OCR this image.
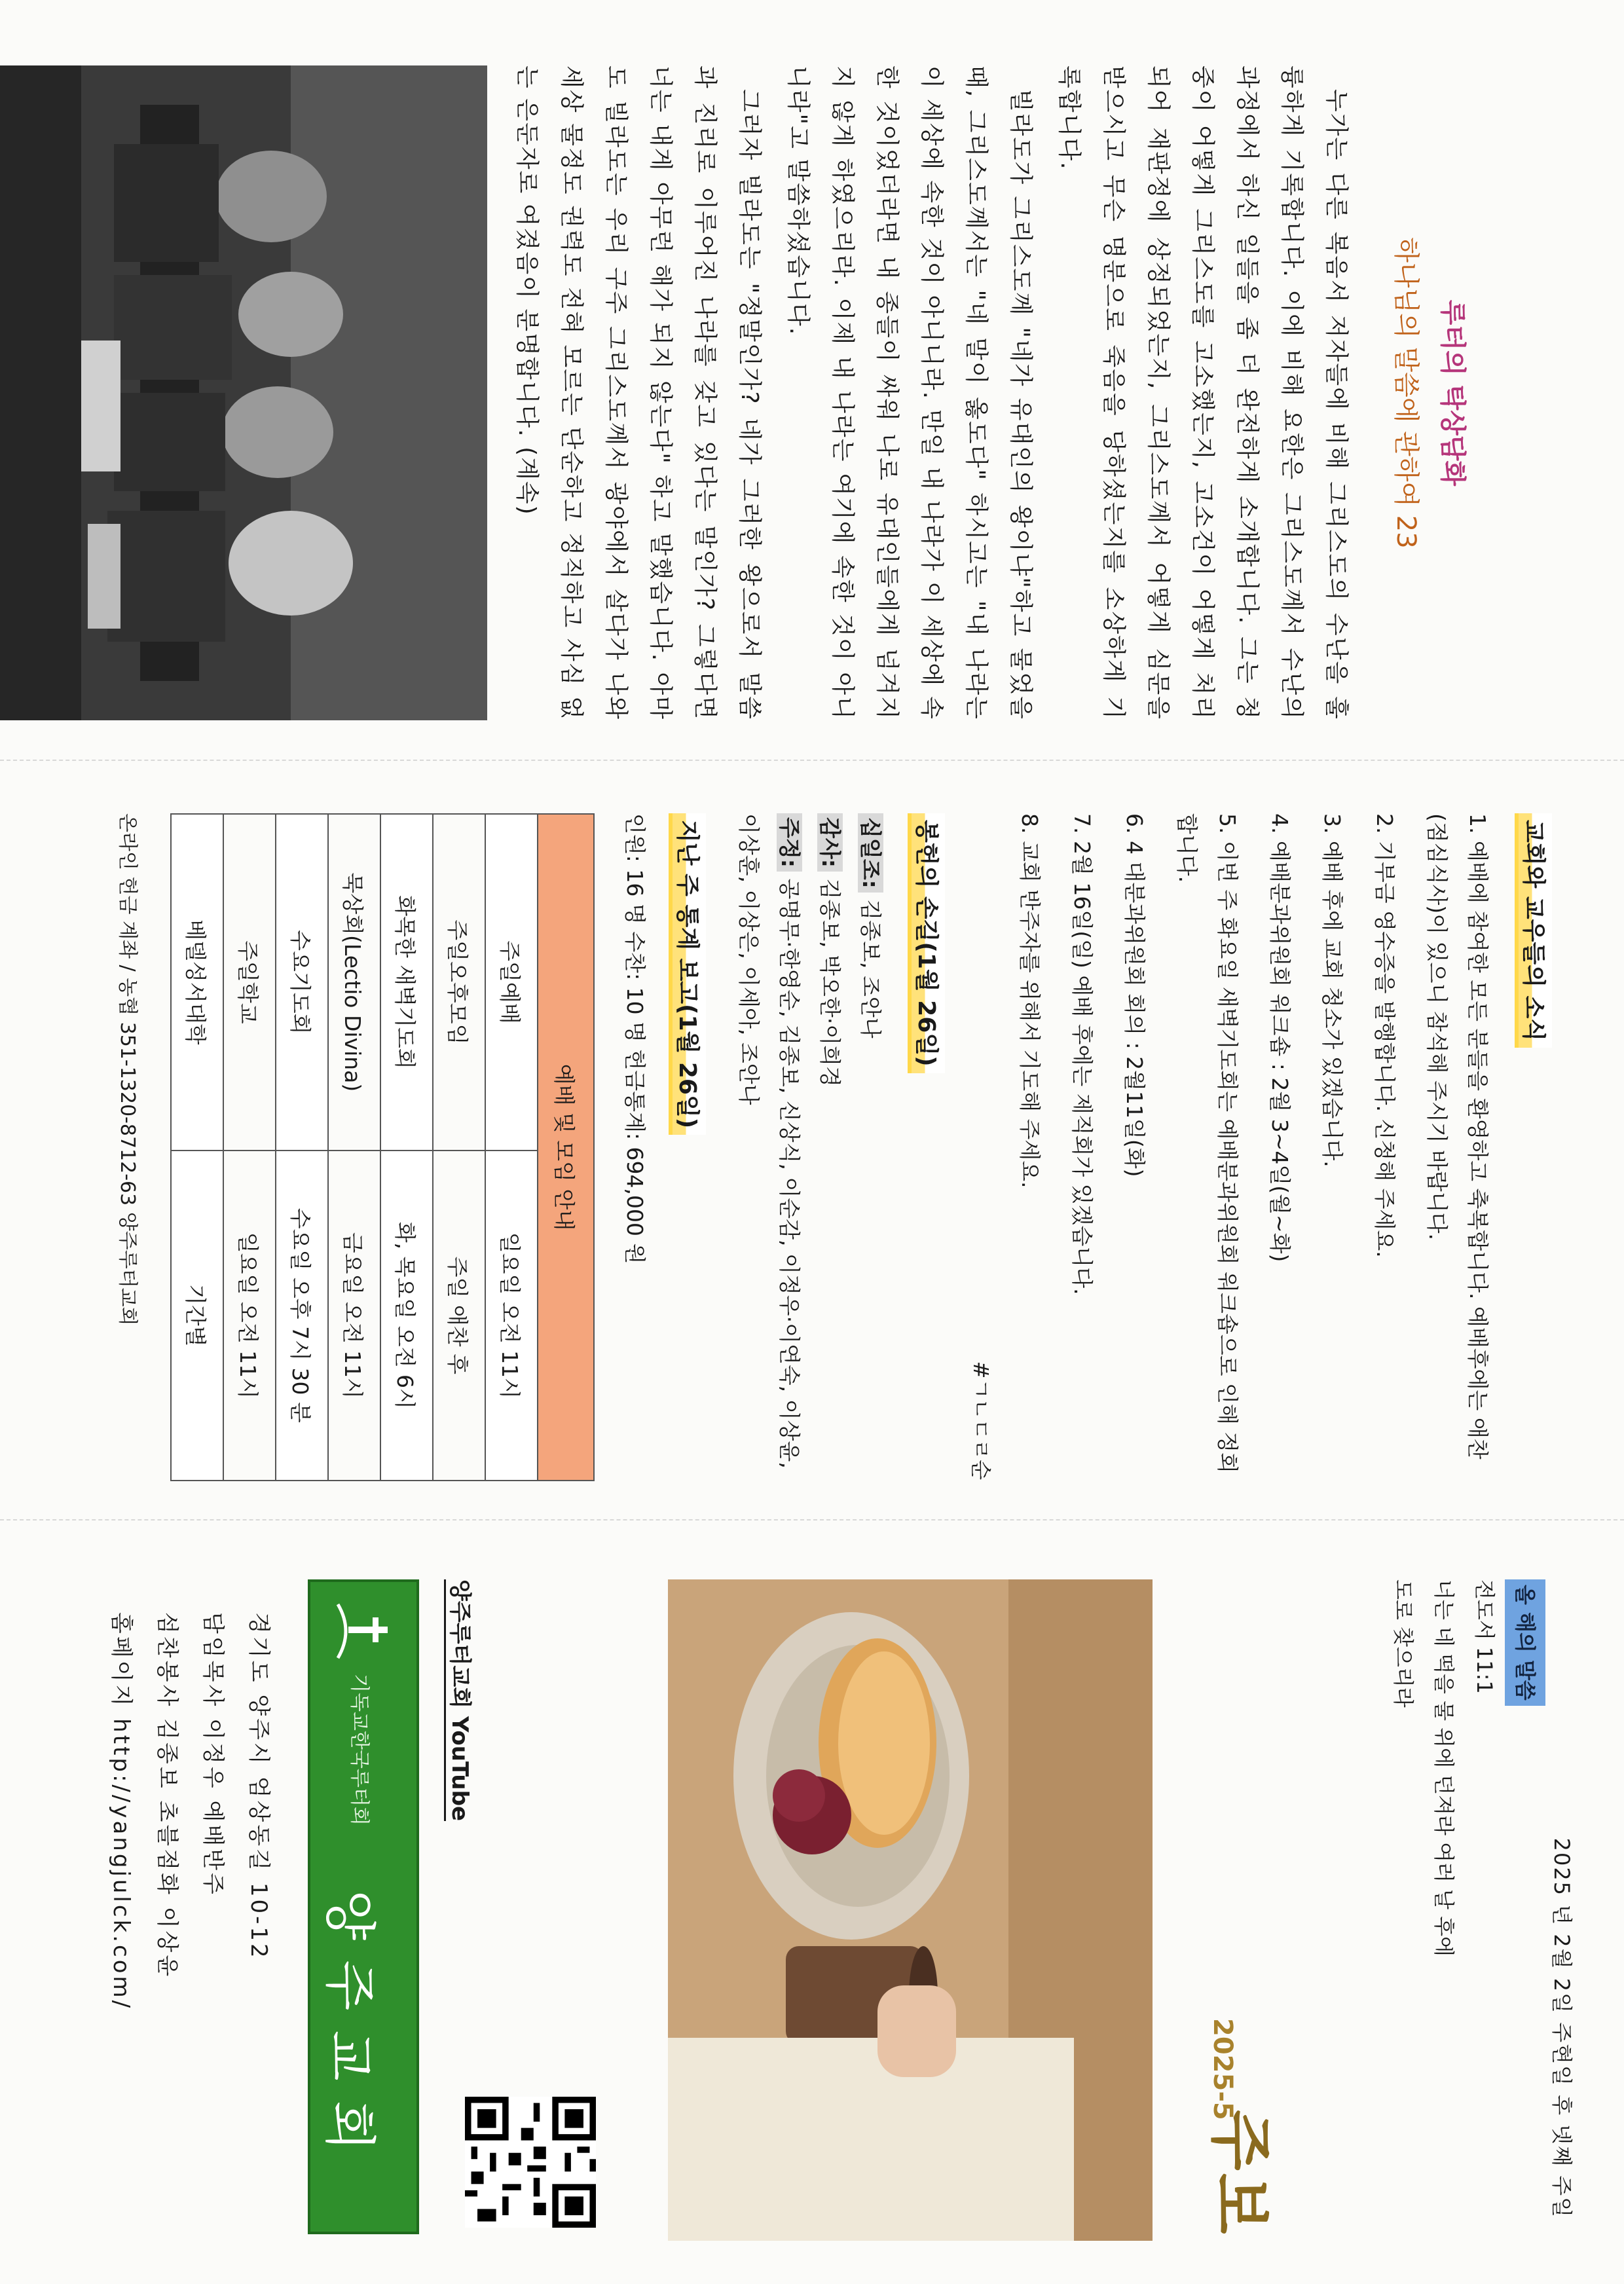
루터의 탁상담화
하나님의 말씀에 관하여 23

누가는 다른 복음서 저자들에 비해 그리스도의 수난을 훌륭하게 기록합니다. 이에 비해 요한은 그리스도께서 수난의 과정에서 하신 일들을 좀 더 완전하게 소개합니다. 그는 청중이 어떻게 그리스도를 고소했는지, 고소건이 어떻게 처리되어 재판정에 상정되었는지, 그리스도께서 어떻게 심문을 받으시고 무슨 명분으로 죽음을 당하셨는지를 소상하게 기록합니다.

빌라도가 그리스도께 "네가 유대인의 왕이냐"하고 물었을 때, 그리스도께서는 "네 말이 옳도다" 하시고는 "내 나라는 이 세상에 속한 것이 아니니라. 만일 내 나라가 이 세상에 속한 것이었더라면 내 종들이 싸워 나로 유대인들에게 넘겨지지 않게 하였으리라. 이제 내 나라는 여기에 속한 것이 아니니라"고 말씀하셨습니다.

그러자 빌라도는 "정말인가? 네가 그러한 왕으로서 말씀과 진리로 이루어진 나라를 갖고 있다는 말인가? 그렇다면 너는 내게 아무런 해가 되지 않는다" 하고 말했습니다. 아마도 빌라도는 우리 구주 그리스도께서 광야에서 살다가 나와 세상 물정도 권력도 전혀 모르는 단순하고 정직하고 사심 없는 은둔자로 여겼음이 분명합니다. (계속)

교회와 교우들의 소식
1. 예배에 참여한 모든 분들을 환영하고 축복합니다. 예배후에는 애찬(점심식사)이 있으니 참석해 주시기 바랍니다.
2. 기부금 영수증을 발행합니다. 신청해 주세요.
3. 예배 후에 교회 청소가 있겠습니다.
4. 예배분과위원회 워크숍 : 2월 3~4일(월~화)
5. 이번 주 화요일 새벽기도회는 예배분과위원회 워크숍으로 인해 정회합니다.
6. 4 대분과위원회 회의 : 2월11일(화)
7. 2월 16일(일) 예배 후에는 제직회가 있겠습니다.
8. 교회 반주자를 위해서 기도해 주세요.
#ㄱㄴㄷㄹ순
봉헌의 손길(1월 26일)
십일조: 김종보, 조안나
감사: 김종보, 박오한·이희경
주정: 공명무·한영순, 김종보, 신상식, 이순감, 이정우·이연숙, 이상윤, 이상훈, 이상은, 이세아, 조안나
지난 주 통계 보고(1월 26일)
인원: 16 명 수찬: 10 명 헌금통계: 694,000 원
예배 및 모임 안내	
주일예배	일요일 오전 11시
주일오후모임	주일 애찬 후
화목한 새벽기도회	화, 목요일 오전 6시
묵상회(Lectio Divina)	금요일 오전 11시
수요기도회	수요일 오후 7시 30 분
주일학교	일요일 오전 11시
베델성서대학	기간별
온라인 헌금 계좌 / 농협 351-1320-8712-63 양주루터교회
2025 년 2월 2일 주현일 후 넷째 주일
올 해의 말씀
전도서 11:1
너는 네 떡을 물 위에 던져라 여러 날 후에 도로 찾으리라
2025-5
주보
양주루터교회 YouTube
기독교한국루터회
양주교회
경기도 양주시 엄상동길 10-12
담임목사 이정우 예배반주
섬찬봉사 김종보 초블점화 이상윤
홈페이지 http://yangjulck.com/
